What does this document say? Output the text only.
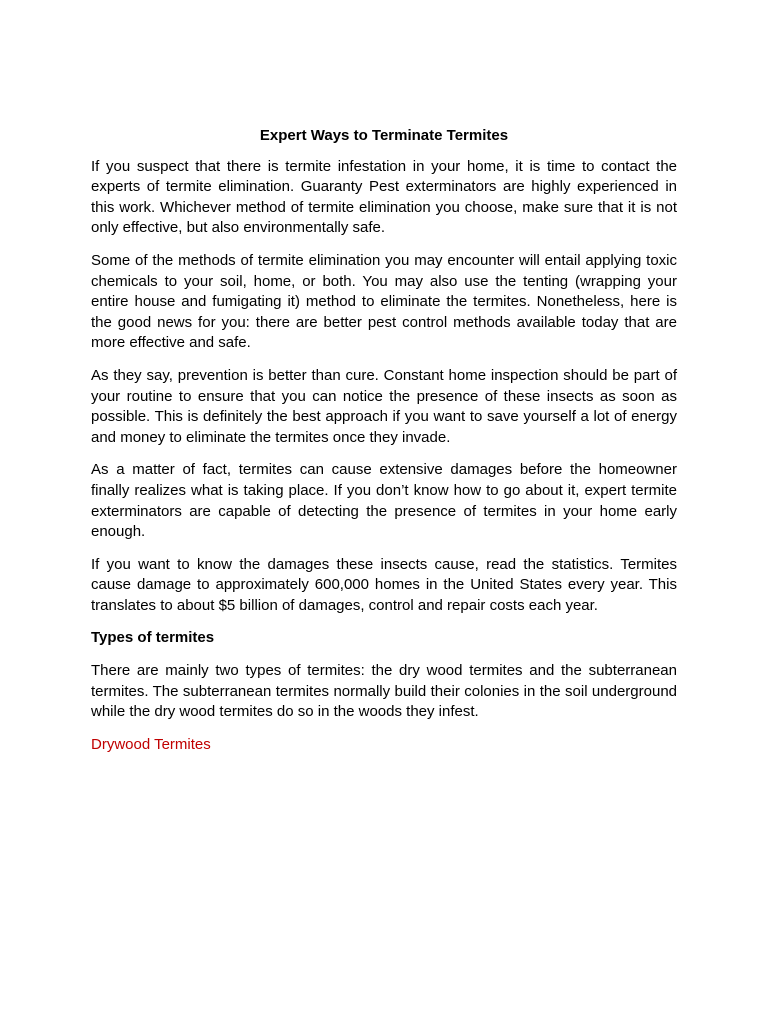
Expert Ways to Terminate Termites

If you suspect that there is termite infestation in your home, it is time to contact the experts of termite elimination. Guaranty Pest exterminators are highly experienced in this work. Whichever method of termite elimination you choose, make sure that it is not only effective, but also environmentally safe.

Some of the methods of termite elimination you may encounter will entail applying toxic chemicals to your soil, home, or both. You may also use the tenting (wrapping your entire house and fumigating it) method to eliminate the termites. Nonetheless, here is the good news for you: there are better pest control methods available today that are more effective and safe.

As they say, prevention is better than cure. Constant home inspection should be part of your routine to ensure that you can notice the presence of these insects as soon as possible. This is definitely the best approach if you want to save yourself a lot of energy and money to eliminate the termites once they invade.

As a matter of fact, termites can cause extensive damages before the homeowner finally realizes what is taking place. If you don’t know how to go about it, expert termite exterminators are capable of detecting the presence of termites in your home early enough.

If you want to know the damages these insects cause, read the statistics. Termites cause damage to approximately 600,000 homes in the United States every year. This translates to about $5 billion of damages, control and repair costs each year.

Types of termites

There are mainly two types of termites: the dry wood termites and the subterranean termites. The subterranean termites normally build their colonies in the soil underground while the dry wood termites do so in the woods they infest.

Drywood Termites
